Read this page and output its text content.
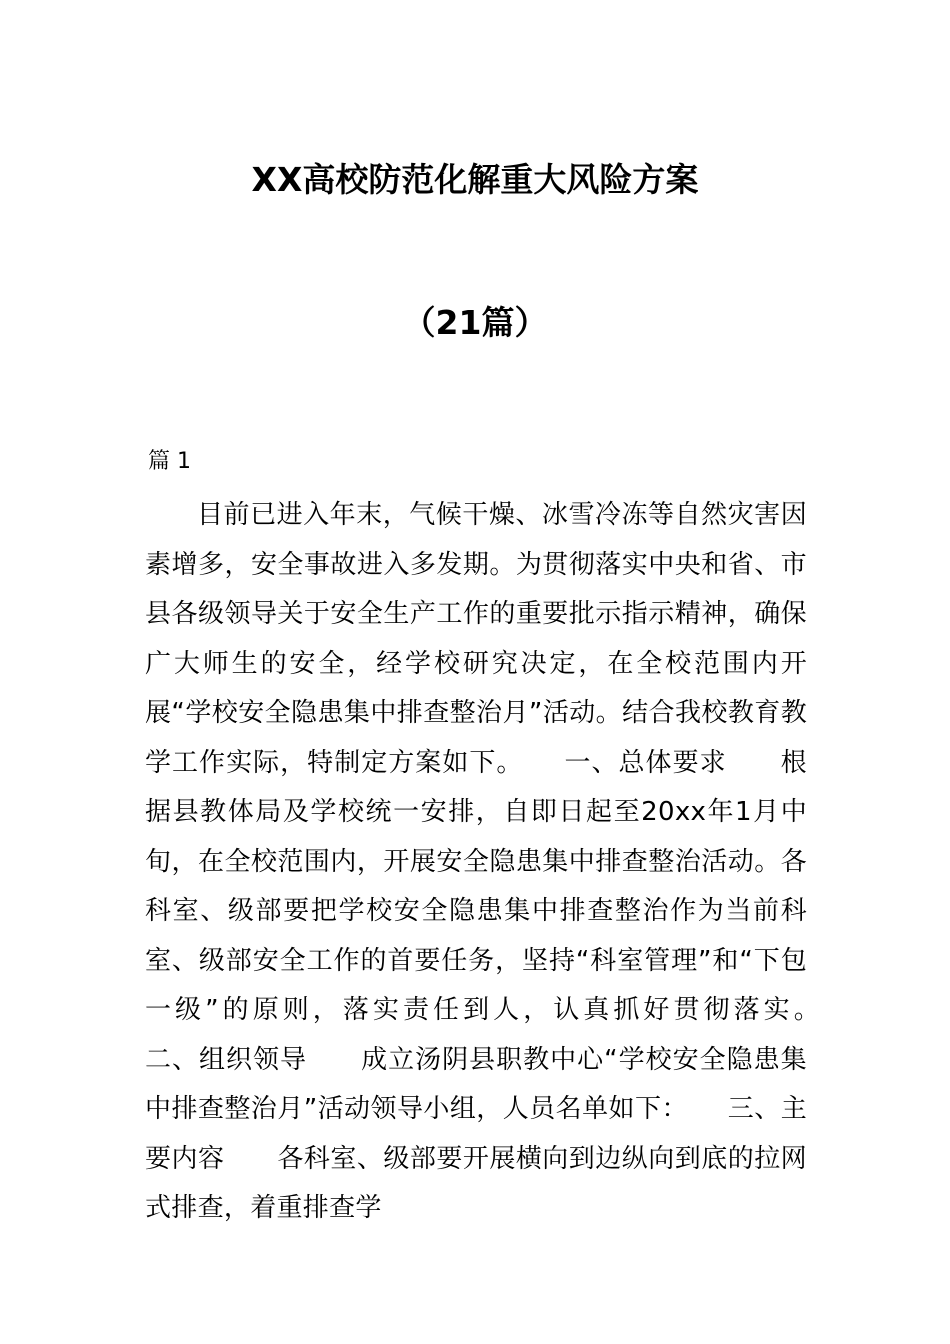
XX高校防范化解重大风险方案
（21篇）

篇 1

目前已进入年末，气候干燥、冰雪冷冻等自然灾害因素增多，安全事故进入多发期。为贯彻落实中央和省、市县各级领导关于安全生产工作的重要批示指示精神，确保广大师生的安全，经学校研究决定，在全校范围内开展“学校安全隐患集中排查整治月”活动。结合我校教育教学工作实际，特制定方案如下。　　一、总体要求　　根据县教体局及学校统一安排，自即日起至20xx年1月中旬，在全校范围内，开展安全隐患集中排查整治活动。各科室、级部要把学校安全隐患集中排查整治作为当前科室、级部安全工作的首要任务，坚持“科室管理”和“下包一级”的原则，落实责任到人，认真抓好贯彻落实。　　二、组织领导　　成立汤阴县职教中心“学校安全隐患集中排查整治月”活动领导小组，人员名单如下：　　三、主要内容　　各科室、级部要开展横向到边纵向到底的拉网式排查，着重排查学
